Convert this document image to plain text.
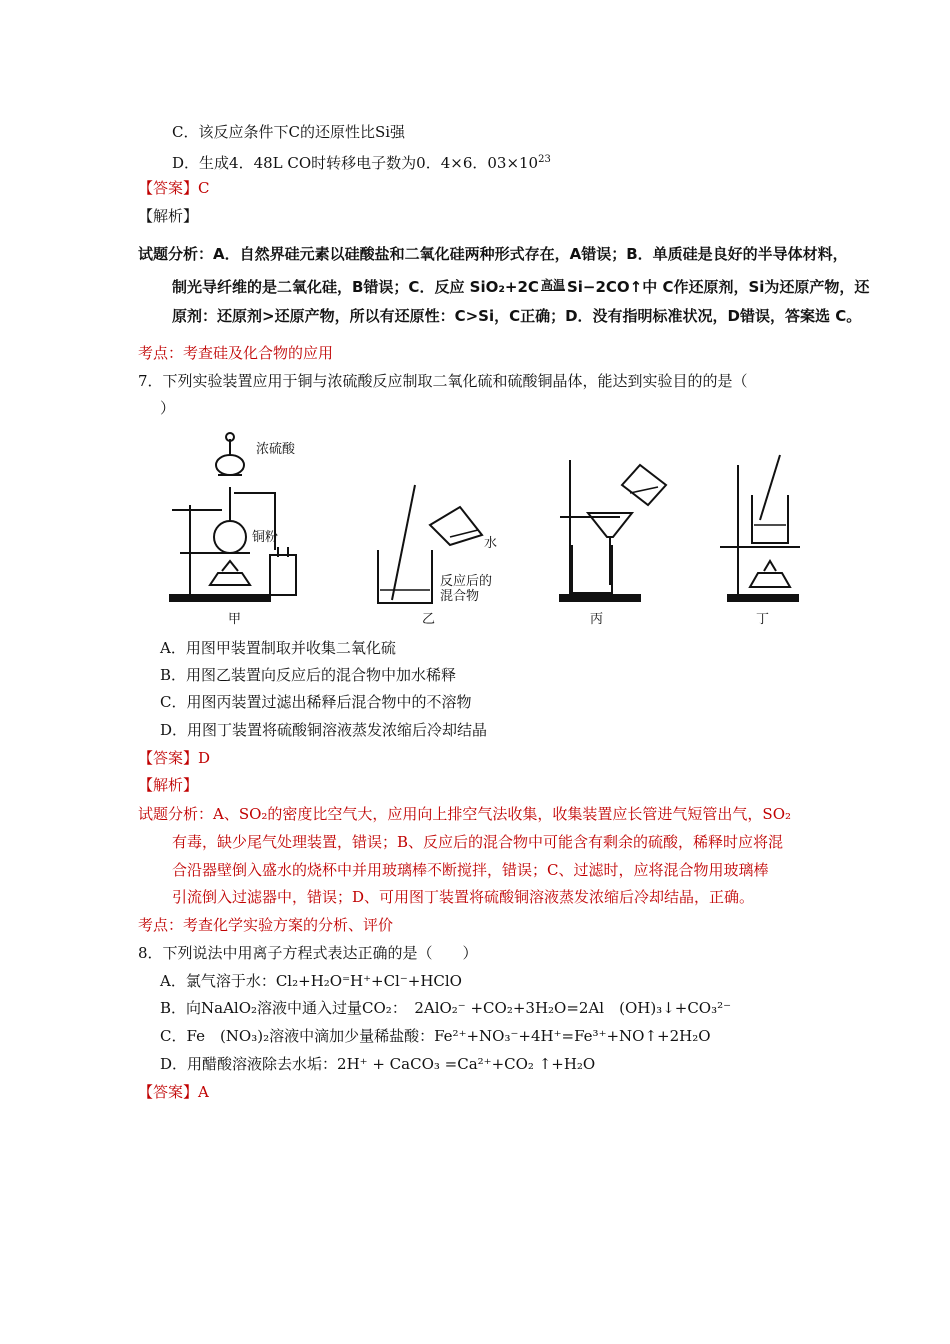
C．该反应条件下C的还原性比Si强
D．生成4．48L CO时转移电子数为0．4×6．$03\times 10^{23}$
【答案】C
【解析】
试题分析：A．自然界硅元素以硅酸盐和二氧化硅两种形式存在，A错误；B．单质硅是良好的半导体材料，
制光导纤维的是二氧化硅，B错误；C．反应 SiO₂+2C 高温 Si−2CO↑中 C作还原剂，Si为还原产物，还
原剂：还原剂>还原产物，所以有还原性：C>Si，C正确；D．没有指明标准状况，D错误，答案选 C。
考点：考查硅及化合物的应用
7．下列实验装置应用于铜与浓硫酸反应制取二氧化硫和硫酸铜晶体，能达到实验目的的是（
）
浓硫酸
铜粉
甲
水
反应后的
混合物
乙	丙	丁
A．用图甲装置制取并收集二氧化硫
B．用图乙装置向反应后的混合物中加水稀释
C．用图丙装置过滤出稀释后混合物中的不溶物
D．用图丁装置将硫酸铜溶液蒸发浓缩后冷却结晶
【答案】D
【解析】
试题分析：A、SO₂的密度比空气大，应用向上排空气法收集，收集装置应长管进气短管出气，SO₂
有毒，缺少尾气处理装置，错误；B、反应后的混合物中可能含有剩余的硫酸，稀释时应将混
合沿器壁倒入盛水的烧杯中并用玻璃棒不断搅拌，错误；C、过滤时，应将混合物用玻璃棒
引流倒入过滤器中，错误；D、可用图丁装置将硫酸铜溶液蒸发浓缩后冷却结晶，正确。
考点：考查化学实验方案的分析、评价
8．下列说法中用离子方程式表达正确的是（　　）
A．氯气溶于水：Cl₂+H₂O⁼H⁺+Cl⁻+HClO
B．向NaAlO₂溶液中通入过量CO₂：　2AlO₂⁻ +CO₂+3H₂O=2Al　(OH)₃↓+CO₃²⁻
C．Fe　(NO₃)₂溶液中滴加少量稀盐酸：Fe²⁺+NO₃⁻+4H⁺=Fe³⁺+NO↑+2H₂O
D．用醋酸溶液除去水垢：2H⁺ + CaCO₃ =Ca²⁺+CO₂ ↑+H₂O
【答案】A
